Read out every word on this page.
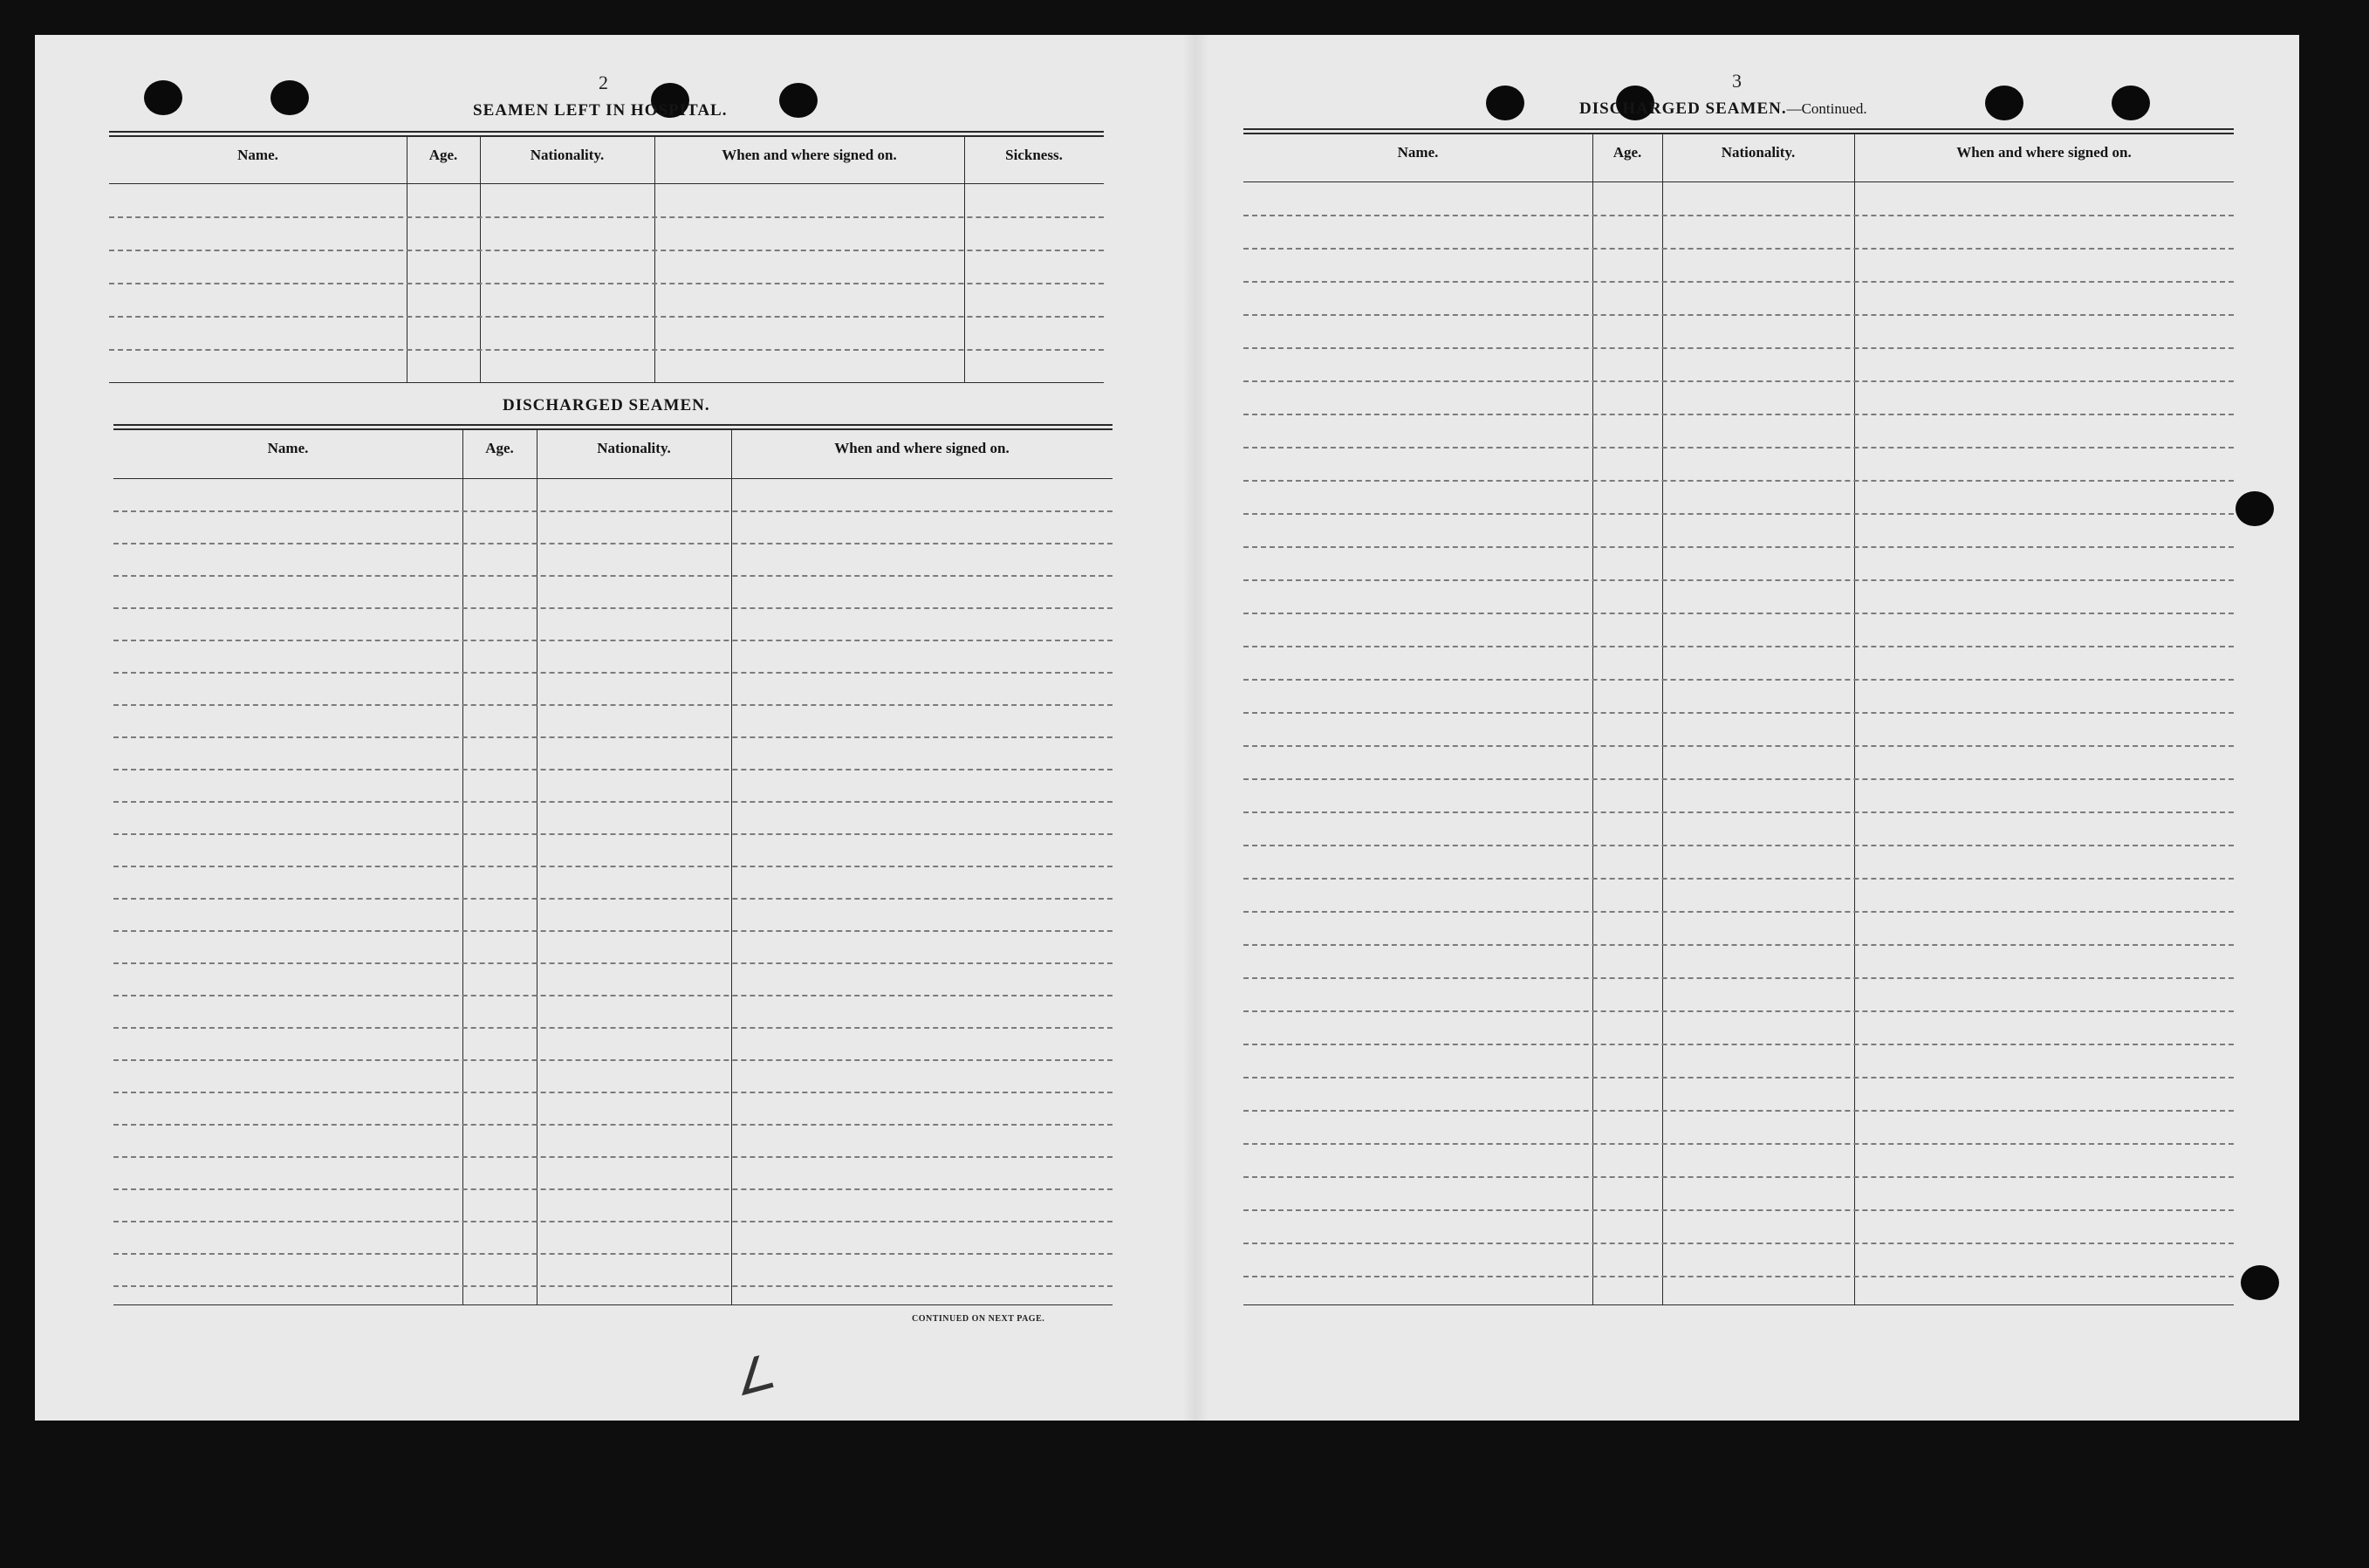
2
SEAMEN LEFT IN HOSPITAL.
Name.	Age.	Nationality.	When and where signed on.	Sickness.
DISCHARGED SEAMEN.
Name.	Age.	Nationality.	When and where signed on.
CONTINUED ON NEXT PAGE.
3
DISCHARGED SEAMEN.—Continued.
Name.	Age.	Nationality.	When and where signed on.
∠
